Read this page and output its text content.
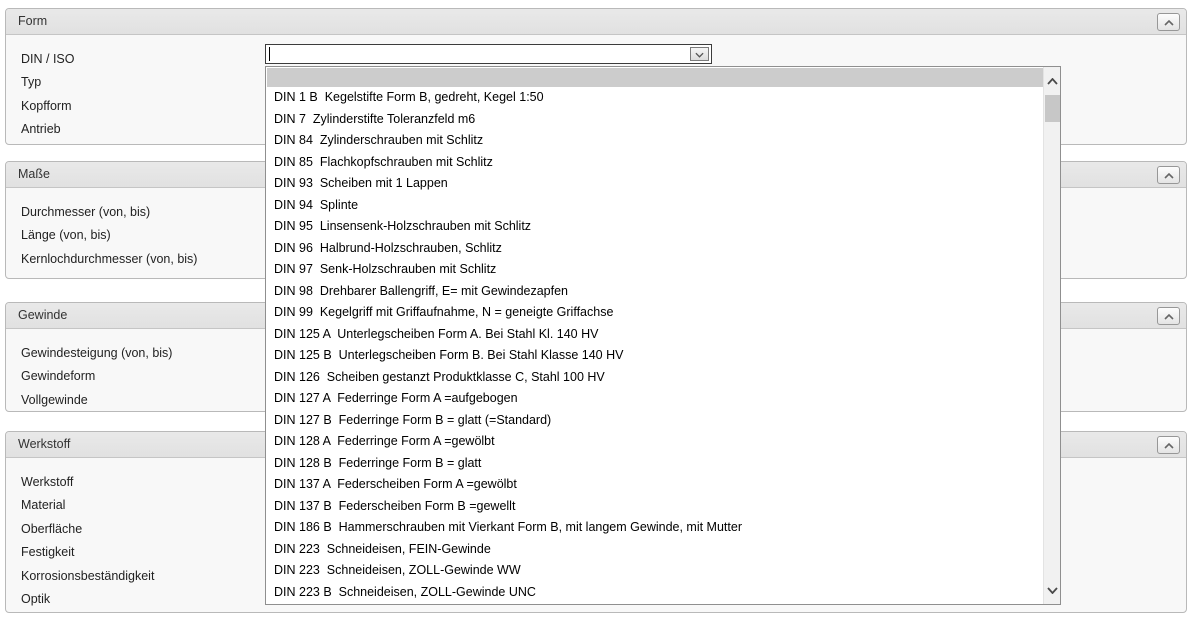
Form
DIN / ISO
Typ
Kopfform
Antrieb
Maße
Durchmesser (von, bis)
Länge (von, bis)
Kernlochdurchmesser (von, bis)
Gewinde
Gewindesteigung (von, bis)
Gewindeform
Vollgewinde
Werkstoff
Werkstoff
Material
Oberfläche
Festigkeit
Korrosionsbeständigkeit
Optik
DIN 1 B  Kegelstifte Form B, gedreht, Kegel 1:50
DIN 7  Zylinderstifte Toleranzfeld m6
DIN 84  Zylinderschrauben mit Schlitz
DIN 85  Flachkopfschrauben mit Schlitz
DIN 93  Scheiben mit 1 Lappen
DIN 94  Splinte
DIN 95  Linsensenk-Holzschrauben mit Schlitz
DIN 96  Halbrund-Holzschrauben, Schlitz
DIN 97  Senk-Holzschrauben mit Schlitz
DIN 98  Drehbarer Ballengriff, E= mit Gewindezapfen
DIN 99  Kegelgriff mit Griffaufnahme, N = geneigte Griffachse
DIN 125 A  Unterlegscheiben Form A. Bei Stahl Kl. 140 HV
DIN 125 B  Unterlegscheiben Form B. Bei Stahl Klasse 140 HV
DIN 126  Scheiben gestanzt Produktklasse C, Stahl 100 HV
DIN 127 A  Federringe Form A =aufgebogen
DIN 127 B  Federringe Form B = glatt (=Standard)
DIN 128 A  Federringe Form A =gewölbt
DIN 128 B  Federringe Form B = glatt
DIN 137 A  Federscheiben Form A =gewölbt
DIN 137 B  Federscheiben Form B =gewellt
DIN 186 B  Hammerschrauben mit Vierkant Form B, mit langem Gewinde, mit Mutter
DIN 223  Schneideisen, FEIN-Gewinde
DIN 223  Schneideisen, ZOLL-Gewinde WW
DIN 223 B  Schneideisen, ZOLL-Gewinde UNC
